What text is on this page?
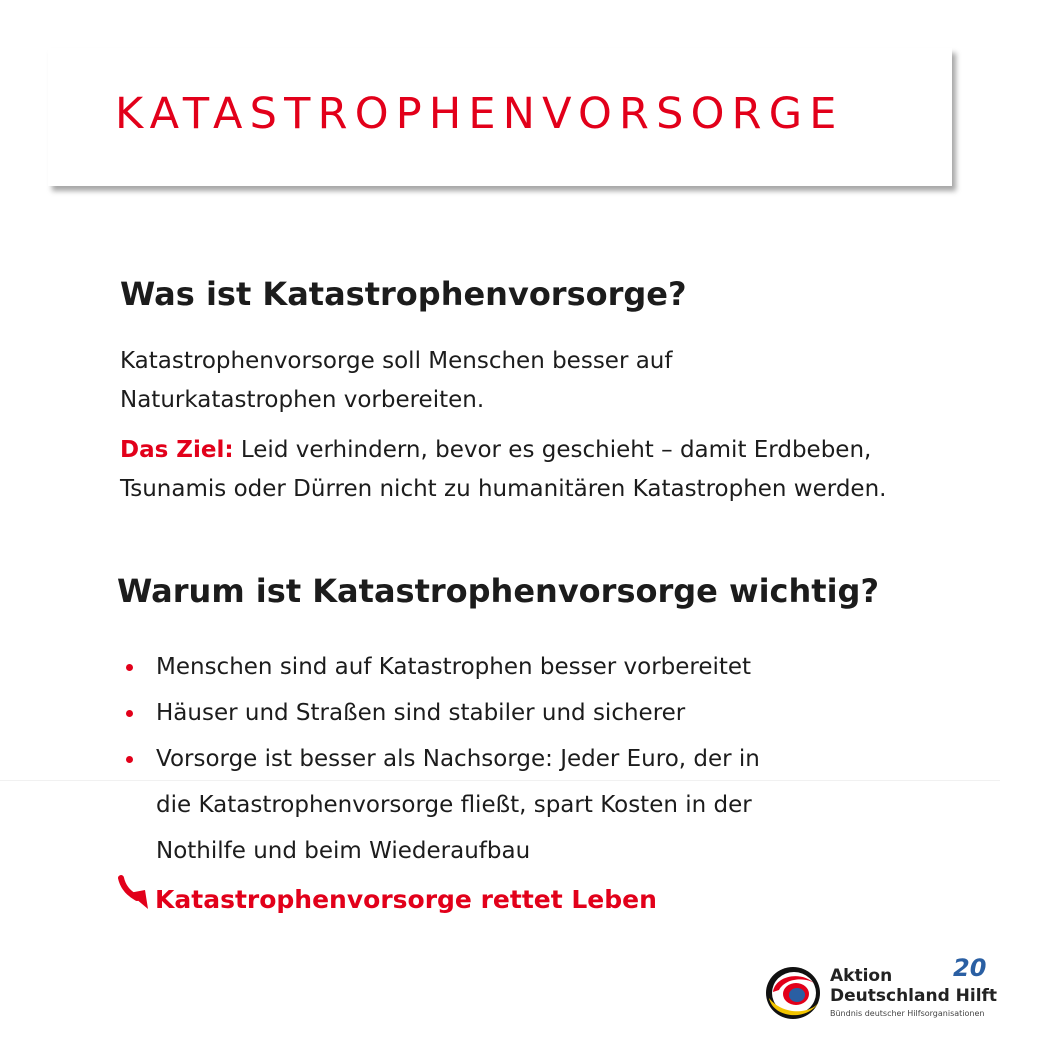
KATASTROPHENVORSORGE
Was ist Katastrophenvorsorge?
Katastrophenvorsorge soll Menschen besser auf
Naturkatastrophen vorbereiten.
Das Ziel: Leid verhindern, bevor es geschieht – damit Erdbeben,
Tsunamis oder Dürren nicht zu humanitären Katastrophen werden.
Warum ist Katastrophenvorsorge wichtig?
Menschen sind auf Katastrophen besser vorbereitet
Häuser und Straßen sind stabiler und sicherer
Vorsorge ist besser als Nachsorge: Jeder Euro, der in
die Katastrophenvorsorge fließt, spart Kosten in der
Nothilfe und beim Wiederaufbau
Katastrophenvorsorge rettet Leben
Aktion
Deutschland Hilft
Bündnis deutscher Hilfsorganisationen
20
